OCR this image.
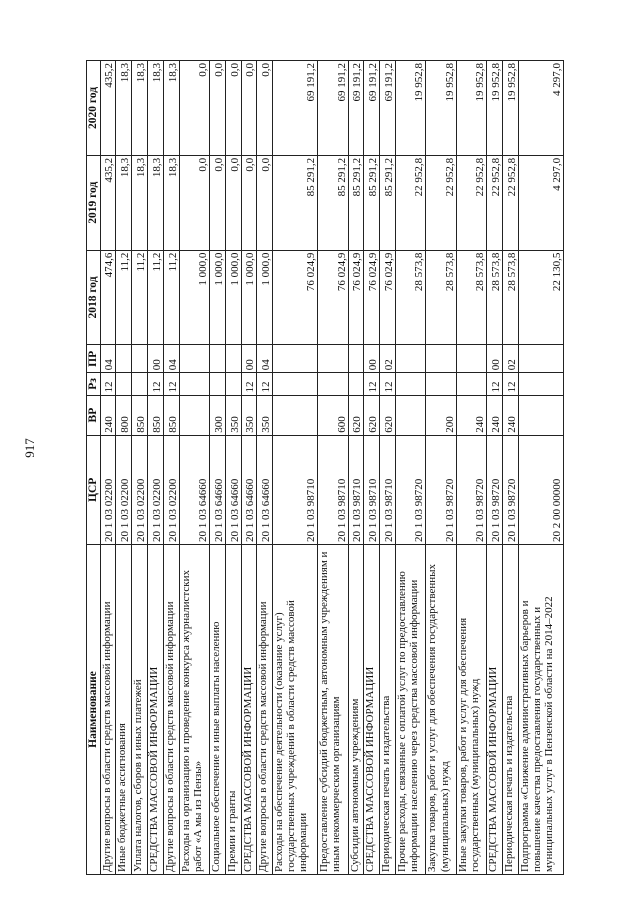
917
Наименование	ЦСР	ВР	Рз	ПР	2018 год	2019 год	2020 год
Другие вопросы в области средств массовой информации	20 1 03 02200	240	12	04	474,6	435,2	435,2
Иные бюджетные ассигнования	20 1 03 02200	800			11,2	18,3	18,3
Уплата налогов, сборов и иных платежей	20 1 03 02200	850			11,2	18,3	18,3
СРЕДСТВА МАССОВОЙ ИНФОРМАЦИИ	20 1 03 02200	850	12	00	11,2	18,3	18,3
Другие вопросы в области средств массовой информации	20 1 03 02200	850	12	04	11,2	18,3	18,3
Расходы на организацию и проведение конкурса журналистских работ «А мы из Пензы»	20 1 03 64660				1 000,0	0,0	0,0
Социальное обеспечение и иные выплаты населению	20 1 03 64660	300			1 000,0	0,0	0,0
Премии и гранты	20 1 03 64660	350			1 000,0	0,0	0,0
СРЕДСТВА МАССОВОЙ ИНФОРМАЦИИ	20 1 03 64660	350	12	00	1 000,0	0,0	0,0
Другие вопросы в области средств массовой информации	20 1 03 64660	350	12	04	1 000,0	0,0	0,0
Расходы на обеспечение деятельности (оказание услуг) государственных учреждений в области средств массовой информации	20 1 03 98710				76 024,9	85 291,2	69 191,2
Предоставление субсидий бюджетным, автономным учреждениям и иным некоммерческим организациям	20 1 03 98710	600			76 024,9	85 291,2	69 191,2
Субсидии автономным учреждениям	20 1 03 98710	620			76 024,9	85 291,2	69 191,2
СРЕДСТВА МАССОВОЙ ИНФОРМАЦИИ	20 1 03 98710	620	12	00	76 024,9	85 291,2	69 191,2
Периодическая печать и издательства	20 1 03 98710	620	12	02	76 024,9	85 291,2	69 191,2
Прочие расходы, связанные с оплатой услуг по предоставлению информации населению через средства массовой информации	20 1 03 98720				28 573,8	22 952,8	19 952,8
Закупка товаров, работ и услуг для обеспечения государственных (муниципальных) нужд	20 1 03 98720	200			28 573,8	22 952,8	19 952,8
Иные закупки товаров, работ и услуг для обеспечения государственных (муниципальных) нужд	20 1 03 98720	240			28 573,8	22 952,8	19 952,8
СРЕДСТВА МАССОВОЙ ИНФОРМАЦИИ	20 1 03 98720	240	12	00	28 573,8	22 952,8	19 952,8
Периодическая печать и издательства	20 1 03 98720	240	12	02	28 573,8	22 952,8	19 952,8
Подпрограмма «Снижение административных барьеров и повышение качества предоставления государственных и муниципальных услуг в Пензенской области на 2014–2022	20 2 00 00000				22 130,5	4 297,0	4 297,0
